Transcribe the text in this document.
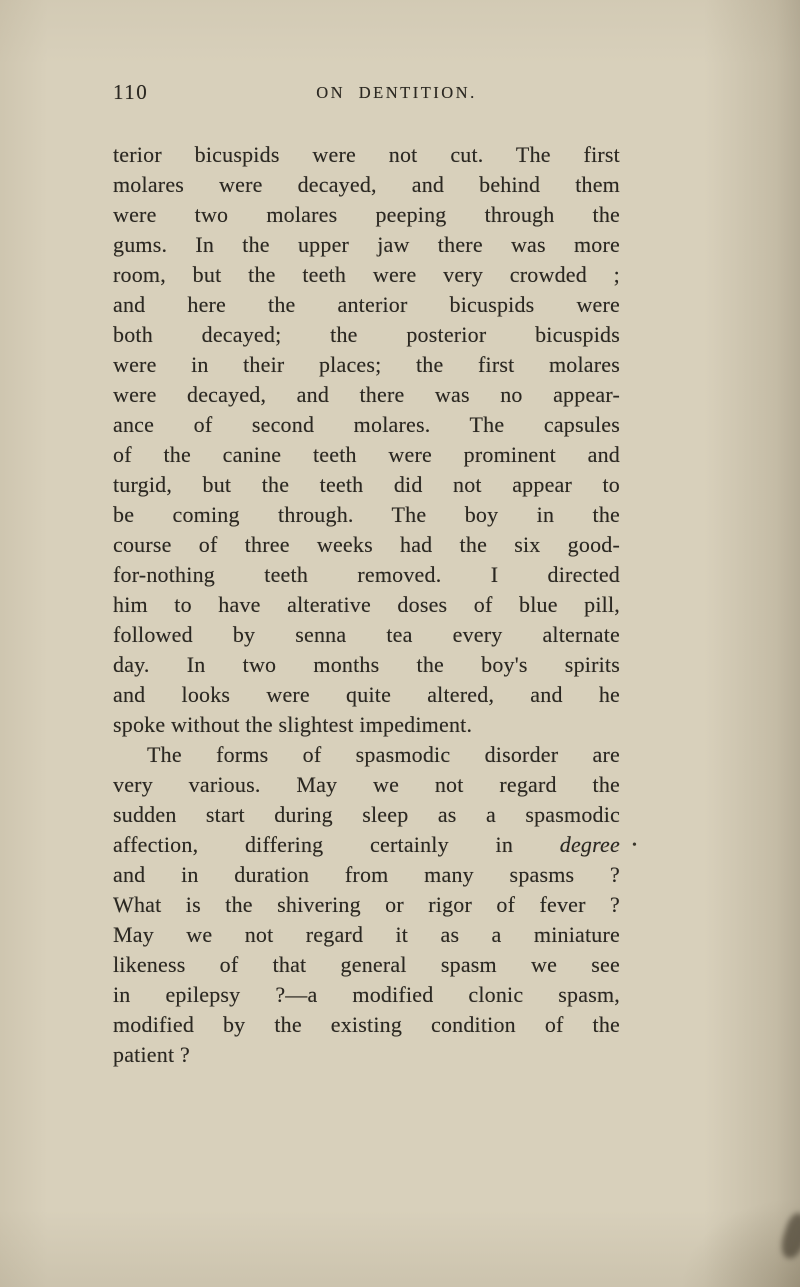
110	ON DENTITION.
terior bicuspids were not cut. The first
molares were decayed, and behind them
were two molares peeping through the
gums. In the upper jaw there was more
room, but the teeth were very crowded ;
and here the anterior bicuspids were
both decayed; the posterior bicuspids
were in their places; the first molares
were decayed, and there was no appear-
ance of second molares. The capsules
of the canine teeth were prominent and
turgid, but the teeth did not appear to
be coming through. The boy in the
course of three weeks had the six good-
for-nothing teeth removed. I directed
him to have alterative doses of blue pill,
followed by senna tea every alternate
day. In two months the boy's spirits
and looks were quite altered, and he
spoke without the slightest impediment.
The forms of spasmodic disorder are
very various. May we not regard the
sudden start during sleep as a spasmodic
affection, differing certainly in degree
and in duration from many spasms ?
What is the shivering or rigor of fever ?
May we not regard it as a miniature
likeness of that general spasm we see
in epilepsy ?—a modified clonic spasm,
modified by the existing condition of the
patient ?
•
